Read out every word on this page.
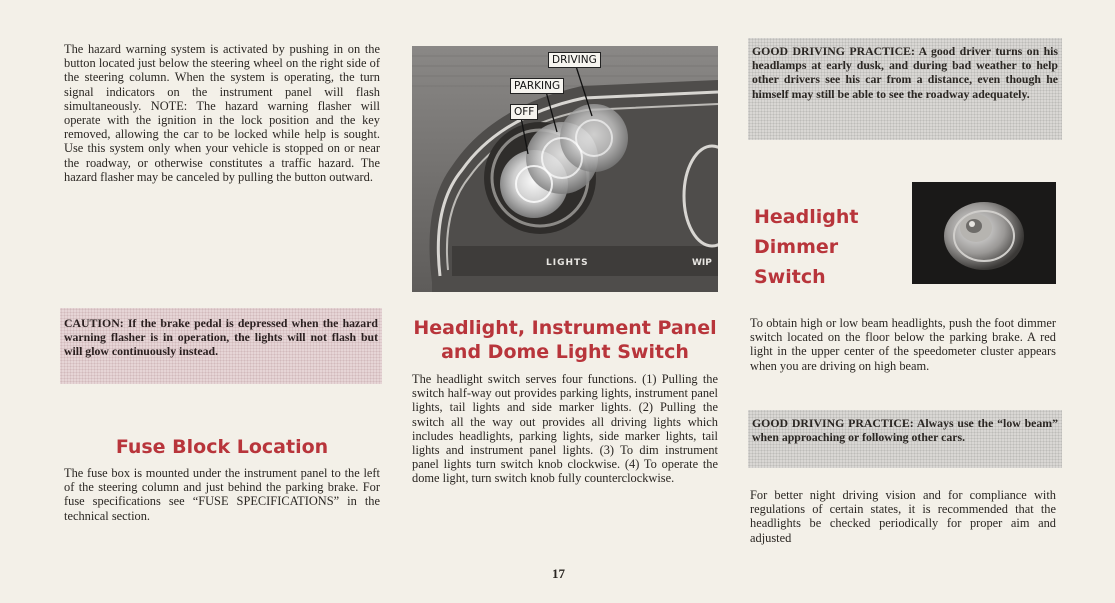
The hazard warning system is activated by pushing in on the button located just below the steering wheel on the right side of the steering column. When the system is operating, the turn signal indicators on the instrument panel will flash simultaneously. NOTE: The hazard warning flasher will operate with the ignition in the lock position and the key removed, allowing the car to be locked while help is sought. Use this system only when your vehicle is stopped on or near the roadway, or otherwise constitutes a traffic hazard. The hazard flasher may be canceled by pulling the button outward.

CAUTION: If the brake pedal is depressed when the hazard warning flasher is in operation, the lights will not flash but will glow continuously instead.

Fuse Block Location

The fuse box is mounted under the instrument panel to the left of the steering column and just behind the parking brake. For fuse specifications see “FUSE SPECIFICATIONS” in the technical section.

DRIVING
PARKING
OFF
LIGHTS	WIP
Headlight, Instrument Panel and Dome Light Switch

The headlight switch serves four functions. (1) Pulling the switch half-way out provides parking lights, instrument panel lights, tail lights and side marker lights. (2) Pulling the switch all the way out provides all driving lights which includes headlights, parking lights, side marker lights, tail lights and instrument panel lights. (3) To dim instrument panel lights turn switch knob clockwise. (4) To operate the dome light, turn switch knob fully counterclockwise.

GOOD DRIVING PRACTICE: A good driver turns on his headlamps at early dusk, and during bad weather to help other drivers see his car from a distance, even though he himself may still be able to see the roadway adequately.

Headlight
Dimmer
Switch

To obtain high or low beam headlights, push the foot dimmer switch located on the floor below the parking brake. A red light in the upper center of the speedometer cluster appears when you are driving on high beam.

GOOD DRIVING PRACTICE: Always use the “low beam” when approaching or following other cars.

For better night driving vision and for compliance with regulations of certain states, it is recommended that the headlights be checked periodically for proper aim and adjusted

17
